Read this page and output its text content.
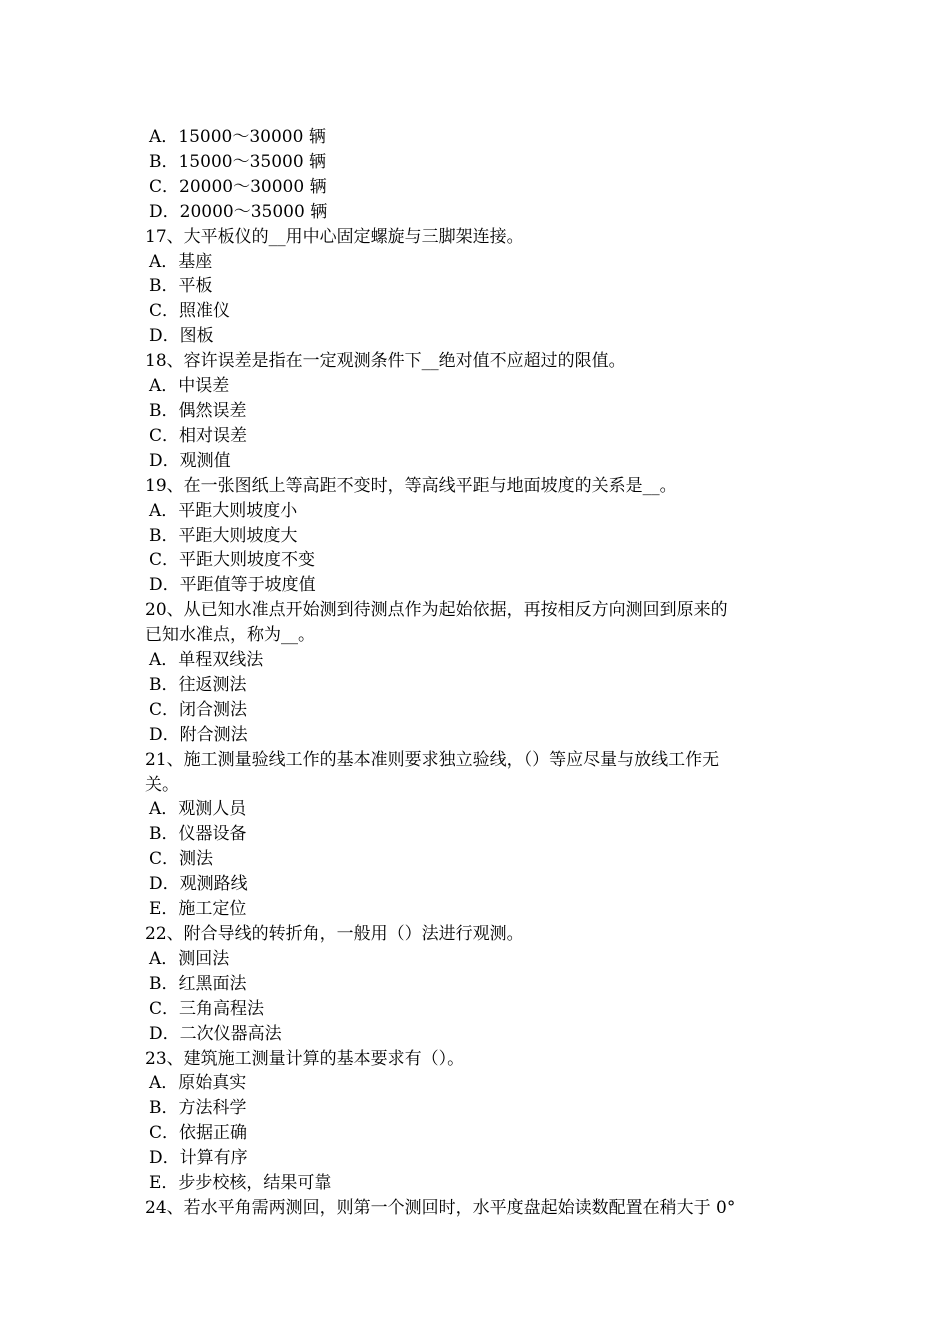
A．15000～30000 辆
B．15000～35000 辆
C．20000～30000 辆
D．20000～35000 辆
17、大平板仪的__用中心固定螺旋与三脚架连接。
A．基座
B．平板
C．照准仪
D．图板
18、容许误差是指在一定观测条件下__绝对值不应超过的限值。
A．中误差
B．偶然误差
C．相对误差
D．观测值
19、在一张图纸上等高距不变时，等高线平距与地面坡度的关系是__。
A．平距大则坡度小
B．平距大则坡度大
C．平距大则坡度不变
D．平距值等于坡度值
20、从已知水准点开始测到待测点作为起始依据，再按相反方向测回到原来的
已知水准点，称为__。
A．单程双线法
B．往返测法
C．闭合测法
D．附合测法
21、施工测量验线工作的基本准则要求独立验线，（）等应尽量与放线工作无
关。
A．观测人员
B．仪器设备
C．测法
D．观测路线
E．施工定位
22、附合导线的转折角，一般用（）法进行观测。
A．测回法
B．红黑面法
C．三角高程法
D．二次仪器高法
23、建筑施工测量计算的基本要求有（）。
A．原始真实
B．方法科学
C．依据正确
D．计算有序
E．步步校核，结果可靠
24、若水平角需两测回，则第一个测回时，水平度盘起始读数配置在稍大于 0°
